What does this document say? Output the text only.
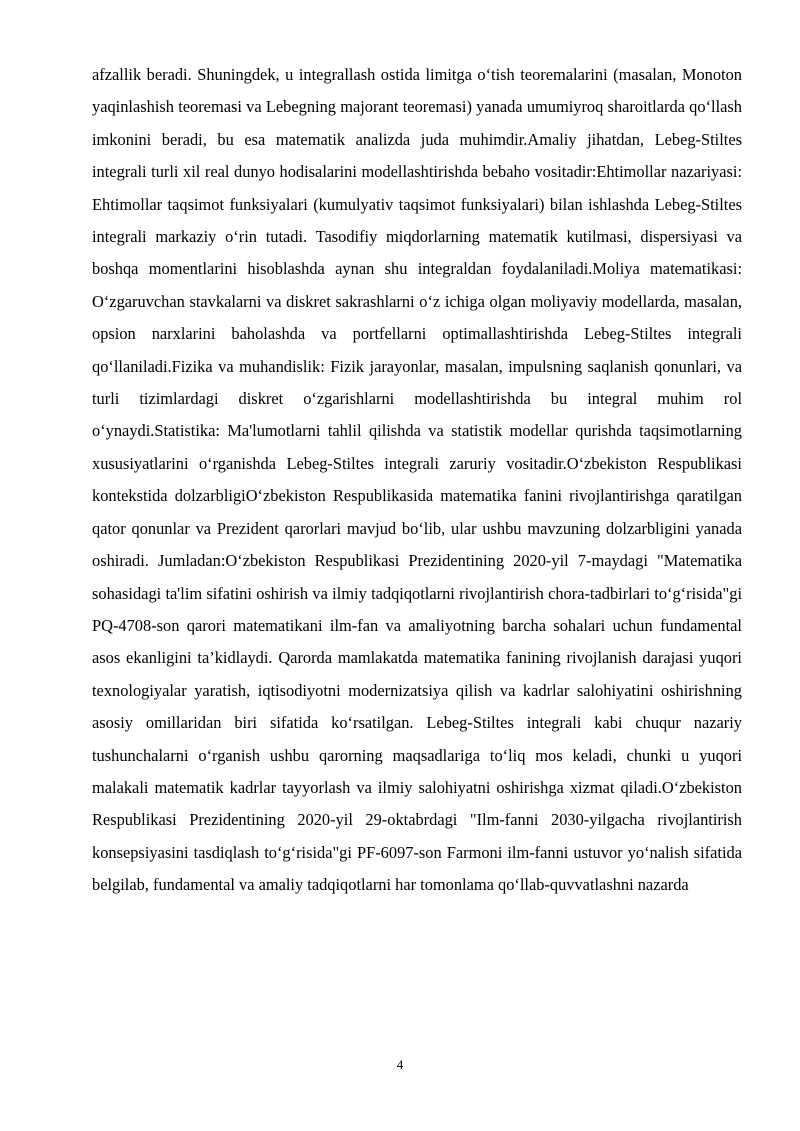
afzallik beradi. Shuningdek, u integrallash ostida limitga o‘tish teoremalarini (masalan, Monoton yaqinlashish teoremasi va Lebegning majorant teoremasi) yanada umumiyroq sharoitlarda qo‘llash imkonini beradi, bu esa matematik analizda juda muhimdir.Amaliy jihatdan, Lebeg-Stiltes integrali turli xil real dunyo hodisalarini modellashtirishda bebaho vositadir:Ehtimollar nazariyasi: Ehtimollar taqsimot funksiyalari (kumulyativ taqsimot funksiyalari) bilan ishlashda Lebeg-Stiltes integrali markaziy o‘rin tutadi. Tasodifiy miqdorlarning matematik kutilmasi, dispersiyasi va boshqa momentlarini hisoblashda aynan shu integraldan foydalaniladi.Moliya matematikasi: O‘zgaruvchan stavkalarni va diskret sakrashlarni o‘z ichiga olgan moliyaviy modellarda, masalan, opsion narxlarini baholashda va portfellarni optimallashtirishda Lebeg-Stiltes integrali qo‘llaniladi.Fizika va muhandislik: Fizik jarayonlar, masalan, impulsning saqlanish qonunlari, va turli tizimlardagi diskret o‘zgarishlarni modellashtirishda bu integral muhim rol o‘ynaydi.Statistika: Ma'lumotlarni tahlil qilishda va statistik modellar qurishda taqsimotlarning xususiyatlarini o‘rganishda Lebeg-Stiltes integrali zaruriy vositadir.O‘zbekiston Respublikasi kontekstida dolzarbligiO‘zbekiston Respublikasida matematika fanini rivojlantirishga qaratilgan qator qonunlar va Prezident qarorlari mavjud bo‘lib, ular ushbu mavzuning dolzarbligini yanada oshiradi. Jumladan:O‘zbekiston Respublikasi Prezidentining 2020-yil 7-maydagi "Matematika sohasidagi ta'lim sifatini oshirish va ilmiy tadqiqotlarni rivojlantirish chora-tadbirlari to‘g‘risida"gi PQ-4708-son qarori matematikani ilm-fan va amaliyotning barcha sohalari uchun fundamental asos ekanligini ta’kidlaydi. Qarorda mamlakatda matematika fanining rivojlanish darajasi yuqori texnologiyalar yaratish, iqtisodiyotni modernizatsiya qilish va kadrlar salohiyatini oshirishning asosiy omillaridan biri sifatida ko‘rsatilgan. Lebeg-Stiltes integrali kabi chuqur nazariy tushunchalarni o‘rganish ushbu qarorning maqsadlariga to‘liq mos keladi, chunki u yuqori malakali matematik kadrlar tayyorlash va ilmiy salohiyatni oshirishga xizmat qiladi.O‘zbekiston Respublikasi Prezidentining 2020-yil 29-oktabrdagi "Ilm-fanni 2030-yilgacha rivojlantirish konsepsiyasini tasdiqlash to‘g‘risida"gi PF-6097-son Farmoni ilm-fanni ustuvor yo‘nalish sifatida belgilab, fundamental va amaliy tadqiqotlarni har tomonlama qo‘llab-quvvatlashni nazarda

4
